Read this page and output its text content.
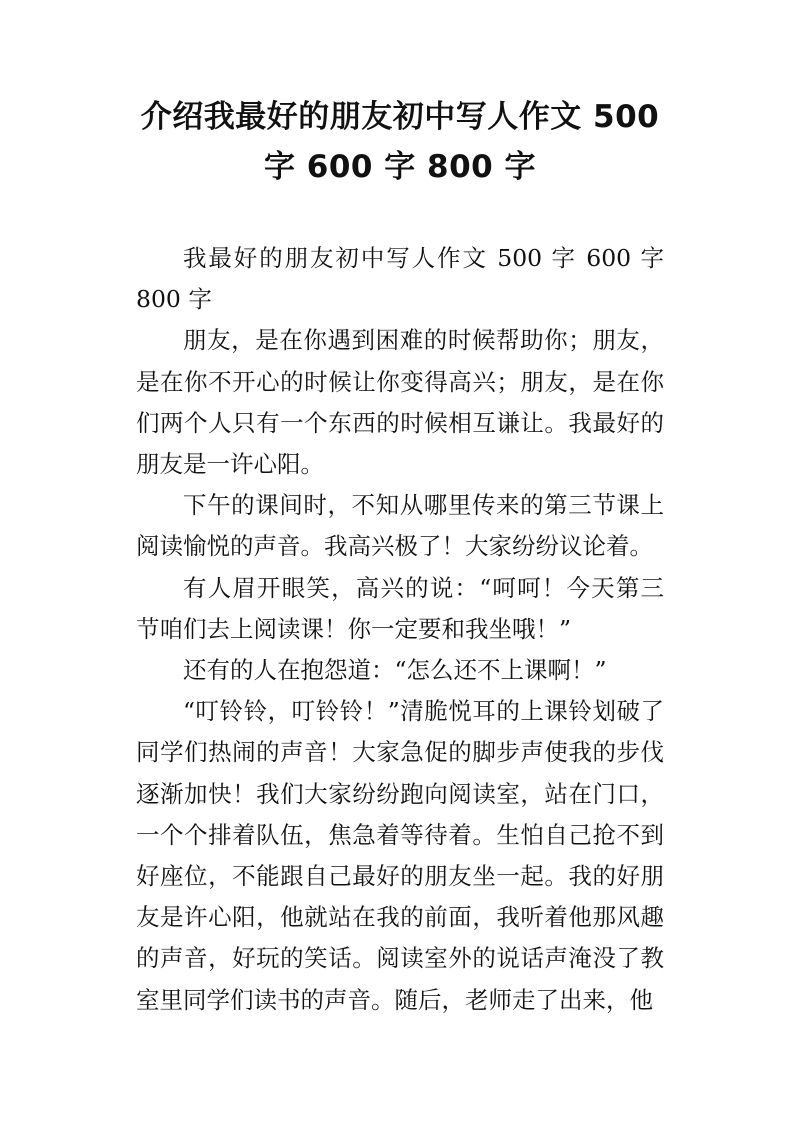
介绍我最好的朋友初中写人作文 500
字 600 字 800 字

我最好的朋友初中写人作文 500 字 600 字 800 字

朋友，是在你遇到困难的时候帮助你；朋友，是在你不开心的时候让你变得高兴；朋友，是在你们两个人只有一个东西的时候相互谦让。我最好的朋友是一许心阳。

下午的课间时，不知从哪里传来的第三节课上阅读愉悦的声音。我高兴极了！大家纷纷议论着。

有人眉开眼笑，高兴的说：“呵呵！今天第三节咱们去上阅读课！你一定要和我坐哦！”

还有的人在抱怨道：“怎么还不上课啊！”

“叮铃铃，叮铃铃！”清脆悦耳的上课铃划破了同学们热闹的声音！大家急促的脚步声使我的步伐逐渐加快！我们大家纷纷跑向阅读室，站在门口，一个个排着队伍，焦急着等待着。生怕自己抢不到好座位，不能跟自己最好的朋友坐一起。我的好朋友是许心阳，他就站在我的前面，我听着他那风趣的声音，好玩的笑话。阅读室外的说话声淹没了教室里同学们读书的声音。随后，老师走了出来，他
